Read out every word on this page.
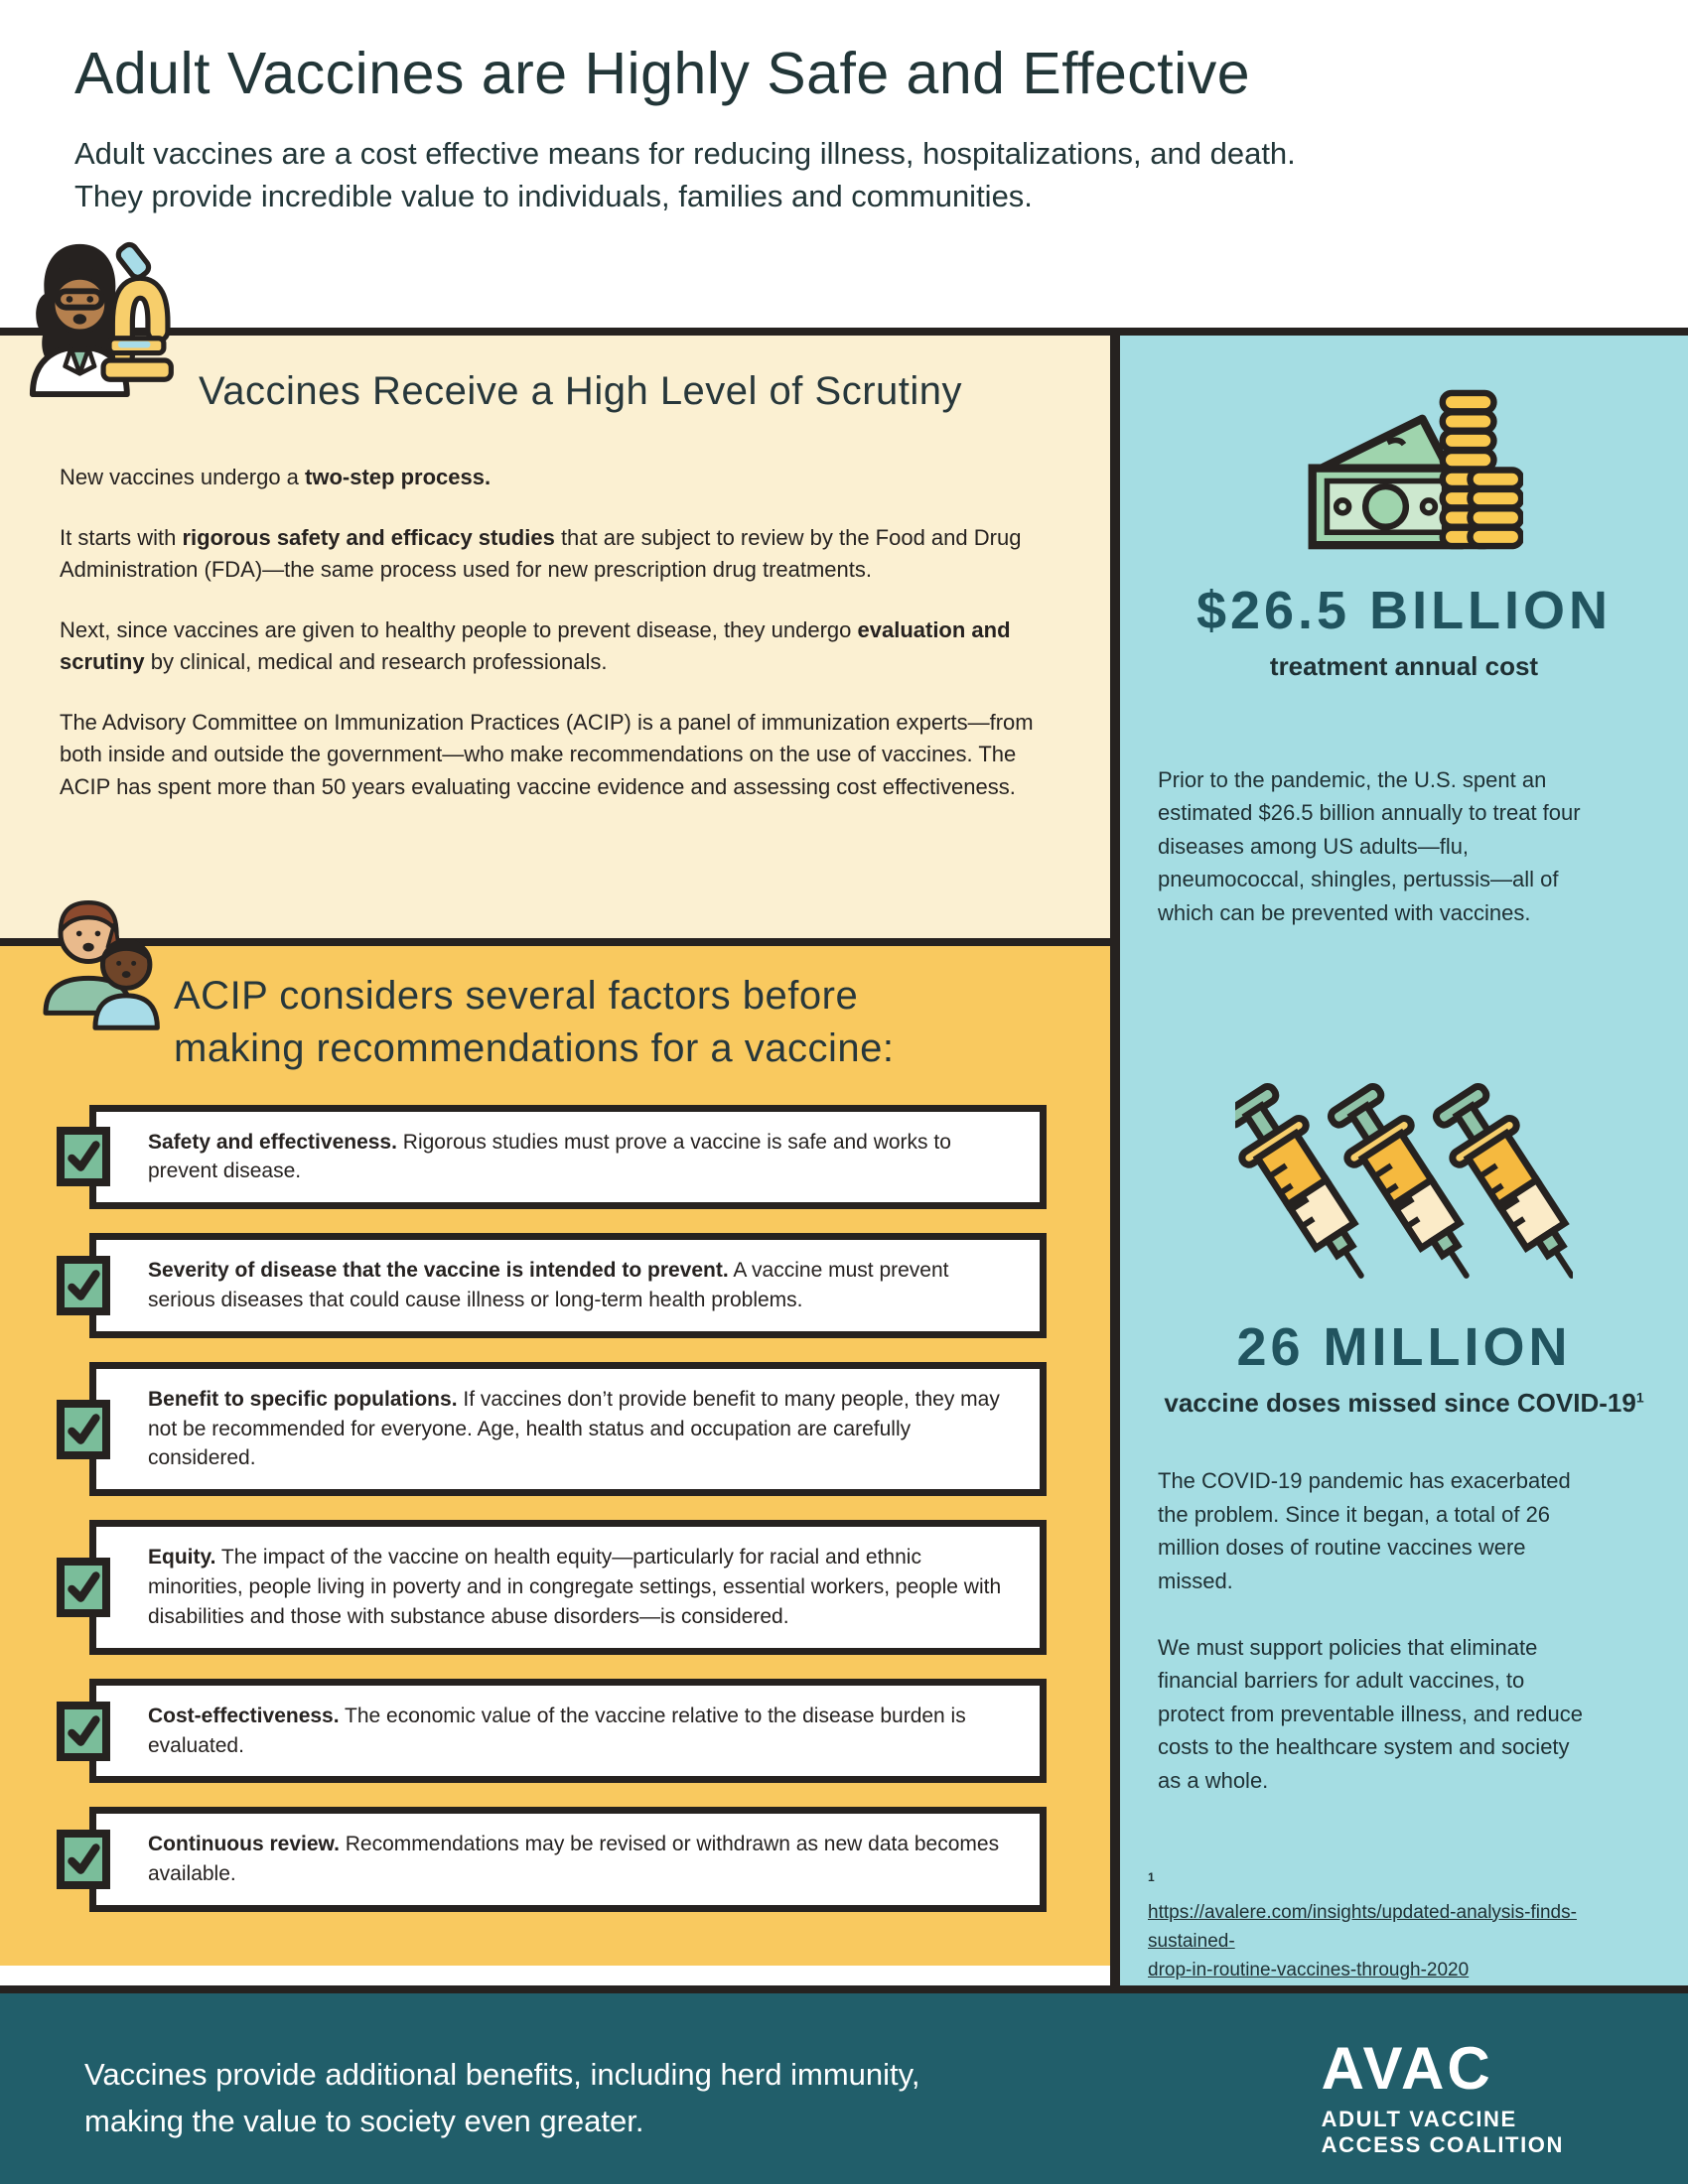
Adult Vaccines are Highly Safe and Effective
Adult vaccines are a cost effective means for reducing illness, hospitalizations, and death.
They provide incredible value to individuals, families and communities.
Vaccines Receive a High Level of Scrutiny

New vaccines undergo a two-step process.

It starts with rigorous safety and efficacy studies that are subject to review by the Food and Drug Administration (FDA)—the same process used for new prescription drug treatments.

Next, since vaccines are given to healthy people to prevent disease, they undergo evaluation and scrutiny by clinical, medical and research professionals.

The Advisory Committee on Immunization Practices (ACIP) is a panel of immunization experts—from both inside and outside the government—who make recommendations on the use of vaccines. The ACIP has spent more than 50 years evaluating vaccine evidence and assessing cost effectiveness.

ACIP considers several factors before
making recommendations for a vaccine:
Safety and effectiveness. Rigorous studies must prove a vaccine is safe and works to prevent disease.
Severity of disease that the vaccine is intended to prevent. A vaccine must prevent serious diseases that could cause illness or long-term health problems.
Benefit to specific populations. If vaccines don’t provide benefit to many people, they may not be recommended for everyone. Age, health status and occupation are carefully considered.
Equity. The impact of the vaccine on health equity—particularly for racial and ethnic minorities, people living in poverty and in congregate settings, essential workers, people with disabilities and those with substance abuse disorders—is considered.
Cost-effectiveness. The economic value of the vaccine relative to the disease burden is evaluated.
Continuous review. Recommendations may be revised or withdrawn as new data becomes available.
$26.5 BILLION
treatment annual cost

Prior to the pandemic, the U.S. spent an estimated $26.5 billion annually to treat four diseases among US adults—flu, pneumococcal, shingles, pertussis—all of which can be prevented with vaccines.

26 MILLION
vaccine doses missed since COVID-$19^1$

The COVID-19 pandemic has exacerbated the problem. Since it began, a total of 26 million doses of routine vaccines were missed.

We must support policies that eliminate financial barriers for adult vaccines, to protect from preventable illness, and reduce costs to the healthcare system and society as a whole.

$^1$
https://avalere.com/insights/updated-analysis-finds-sustained-
drop-in-routine-vaccines-through-2020
Vaccines provide additional benefits, including herd immunity,
making the value to society even greater.
AVAC
ADULT VACCINE
ACCESS COALITION
